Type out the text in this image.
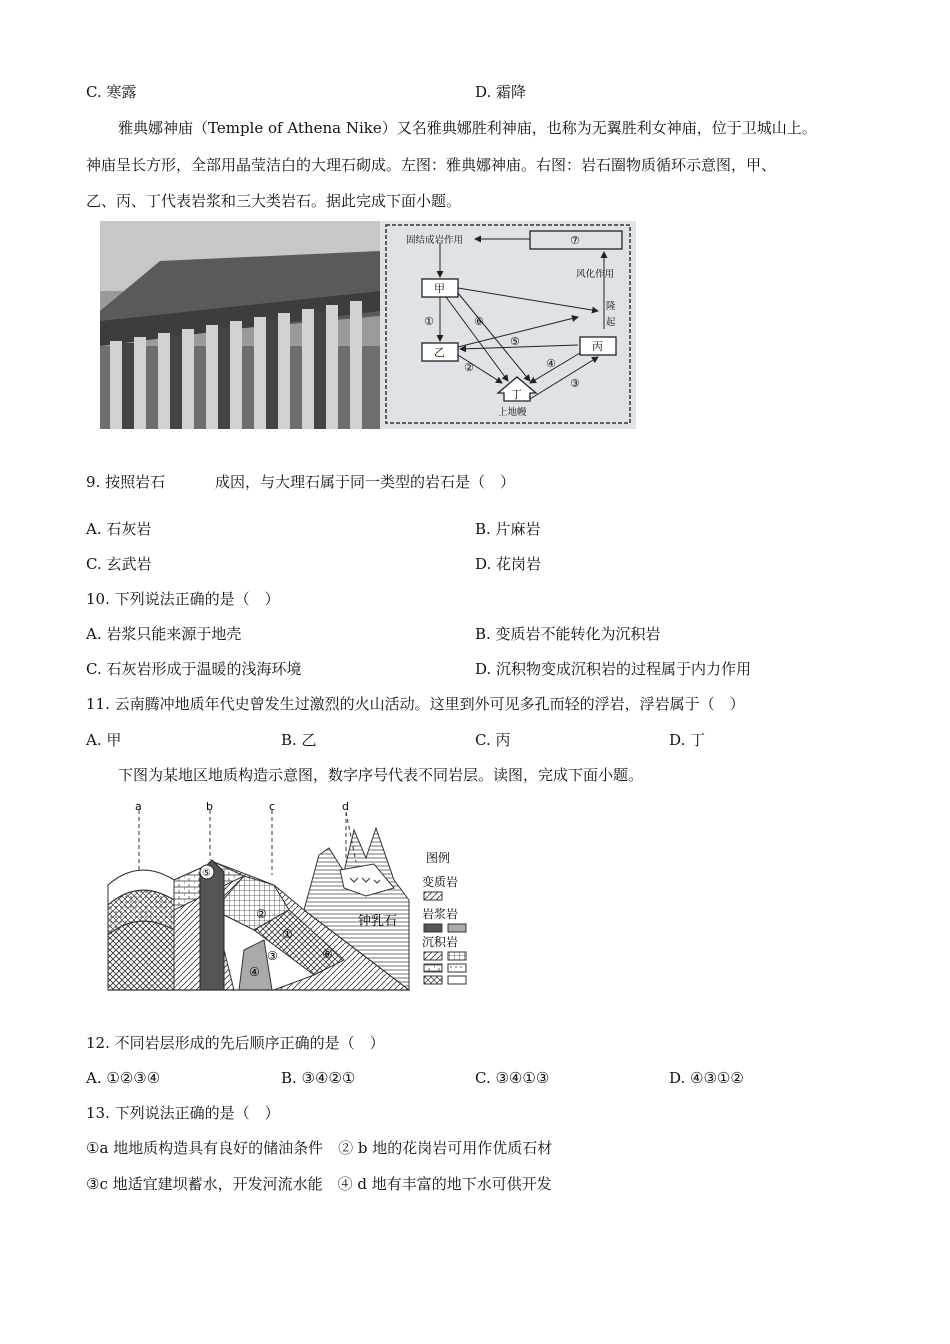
C. 寒露	D. 霜降
雅典娜神庙（Temple of Athena Nike）又名雅典娜胜利神庙，也称为无翼胜利女神庙，位于卫城山上。
神庙呈长方形，全部用晶莹洁白的大理石砌成。左图：雅典娜神庙。右图：岩石圈物质循环示意图，甲、
乙、丙、丁代表岩浆和三大类岩石。据此完成下面小题。
固结成岩作用	⑦
风化作用
隆
起
甲
①	⑥
乙
②
⑤	丙
④
③
丁
上地幔
9. 按照岩石	成因，与大理石属于同一类型的岩石是（　）
A. 石灰岩	B. 片麻岩
C. 玄武岩	D. 花岗岩
10. 下列说法正确的是（　）
A. 岩浆只能来源于地壳	B. 变质岩不能转化为沉积岩
C. 石灰岩形成于温暖的浅海环境	D. 沉积物变成沉积岩的过程属于内力作用
11. 云南腾冲地质年代史曾发生过激烈的火山活动。这里到外可见多孔而轻的浮岩，浮岩属于（　）
A. 甲	B. 乙	C. 丙	D. 丁
下图为某地区地质构造示意图，数字序号代表不同岩层。读图，完成下面小题。
a	b	c	d
⑤
④
③
②
①
⑥
钟乳石
图例
变质岩
岩浆岩
沉积岩
12. 不同岩层形成的先后顺序正确的是（　）
A. ①②③④	B. ③④②①	C. ③④①③	D. ④③①②
13. 下列说法正确的是（　）
①a 地地质构造具有良好的储油条件　② b 地的花岗岩可用作优质石材
③c 地适宜建坝蓄水，开发河流水能　④ d 地有丰富的地下水可供开发
